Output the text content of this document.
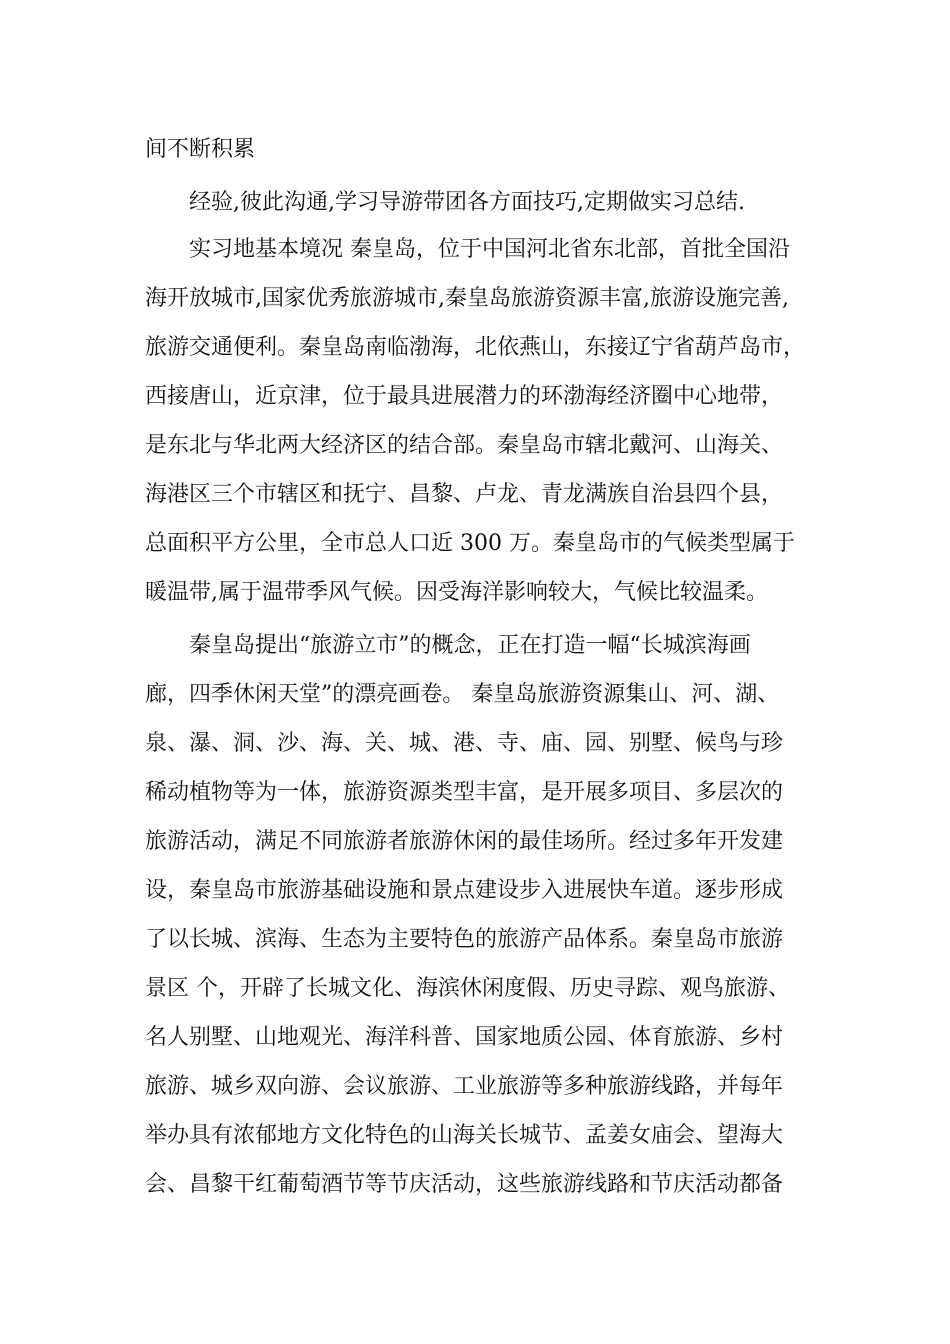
间不断积累
经验,彼此沟通,学习导游带团各方面技巧,定期做实习总结.
实习地基本境况 秦皇岛，位于中国河北省东北部，首批全国沿
海开放城市,国家优秀旅游城市,秦皇岛旅游资源丰富,旅游设施完善,
旅游交通便利。秦皇岛南临渤海，北依燕山，东接辽宁省葫芦岛市，
西接唐山，近京津，位于最具进展潜力的环渤海经济圈中心地带，
是东北与华北两大经济区的结合部。秦皇岛市辖北戴河、山海关、
海港区三个市辖区和抚宁、昌黎、卢龙、青龙满族自治县四个县，
总面积平方公里，全市总人口近 300 万。秦皇岛市的气候类型属于
暖温带,属于温带季风气候。因受海洋影响较大，气候比较温柔。
秦皇岛提出“旅游立市”的概念，正在打造一幅“长城滨海画
廊，四季休闲天堂”的漂亮画卷。 秦皇岛旅游资源集山、河、湖、
泉、瀑、洞、沙、海、关、城、港、寺、庙、园、别墅、候鸟与珍
稀动植物等为一体，旅游资源类型丰富，是开展多项目、多层次的
旅游活动，满足不同旅游者旅游休闲的最佳场所。经过多年开发建
设，秦皇岛市旅游基础设施和景点建设步入进展快车道。逐步形成
了以长城、滨海、生态为主要特色的旅游产品体系。秦皇岛市旅游
景区 个，开辟了长城文化、海滨休闲度假、历史寻踪、观鸟旅游、
名人别墅、山地观光、海洋科普、国家地质公园、体育旅游、乡村
旅游、城乡双向游、会议旅游、工业旅游等多种旅游线路，并每年
举办具有浓郁地方文化特色的山海关长城节、孟姜女庙会、望海大
会、昌黎干红葡萄酒节等节庆活动，这些旅游线路和节庆活动都备
